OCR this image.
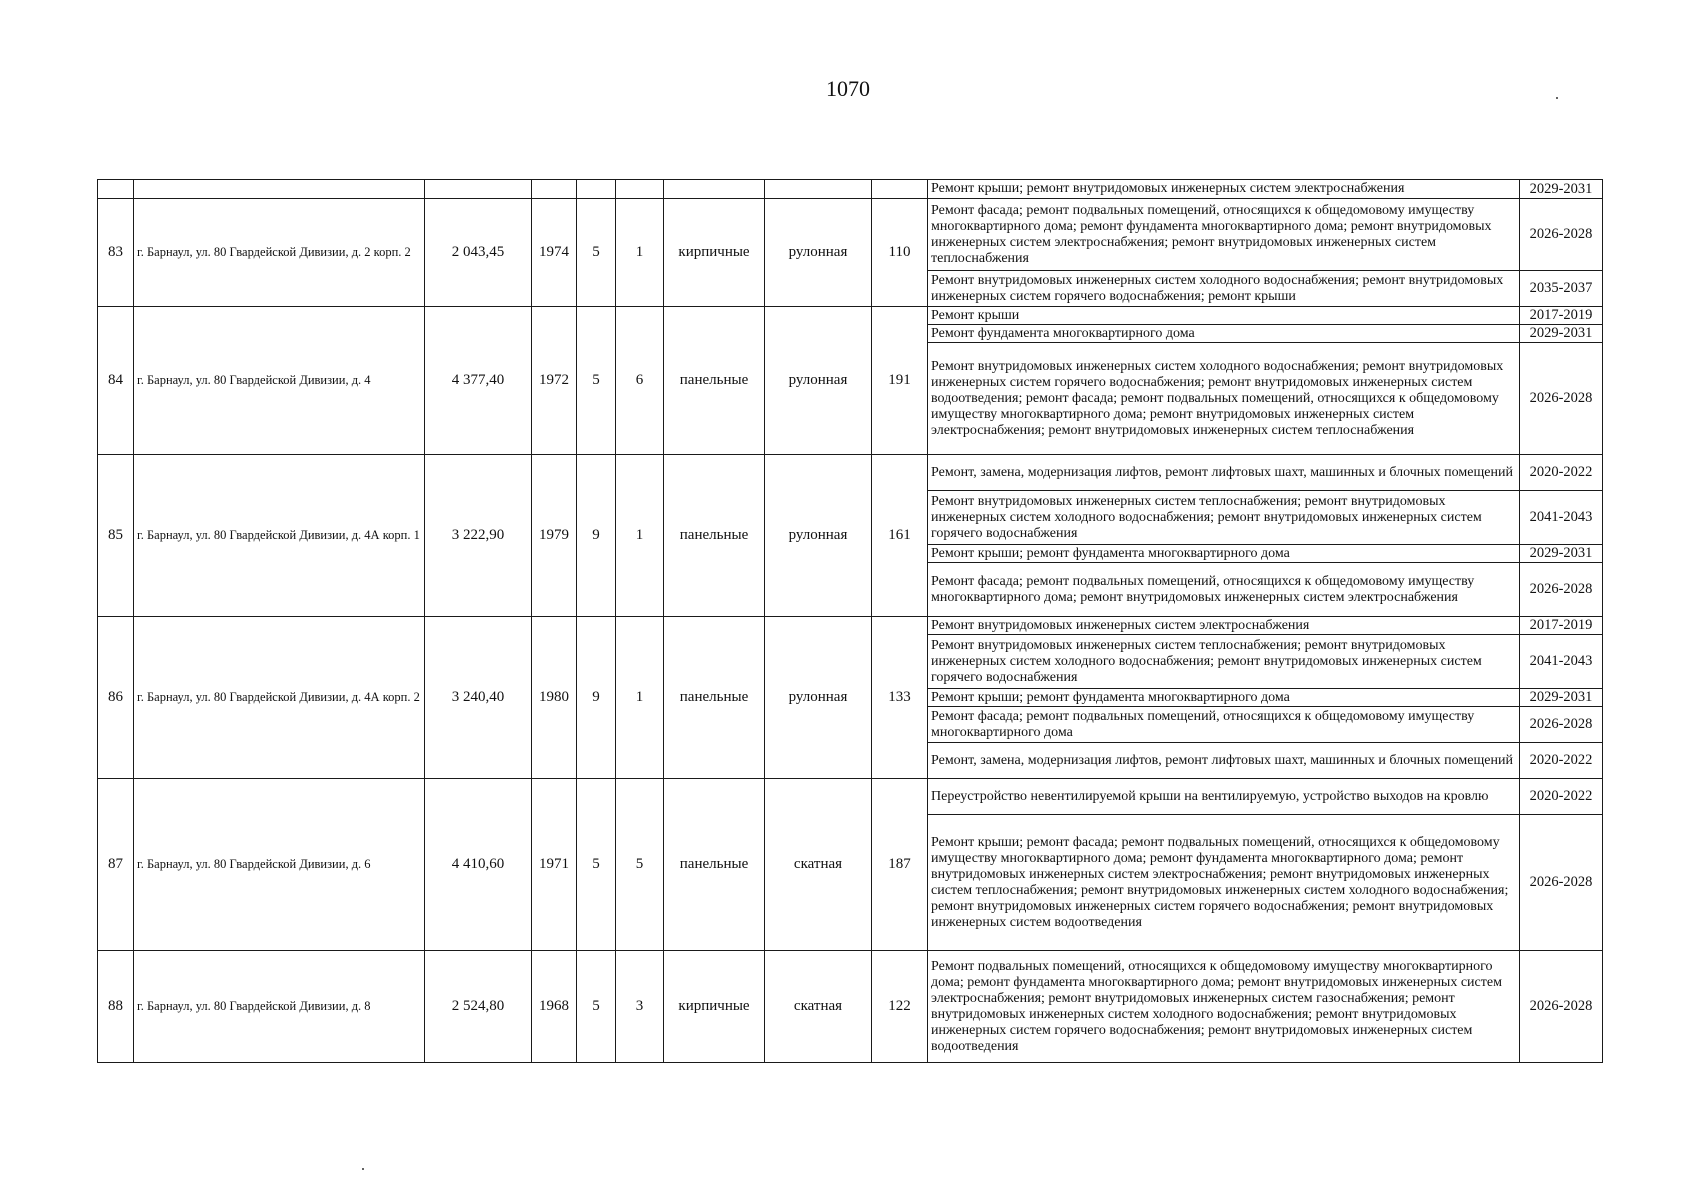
1070
									Ремонт крыши; ремонт внутридомовых инженерных систем электроснабжения	2029-2031
83	г. Барнаул, ул. 80 Гвардейской Дивизии, д. 2 корп. 2	2 043,45	1974	5	1	кирпичные	рулонная	110	Ремонт фасада; ремонт подвальных помещений, относящихся к общедомовому имуществу многоквартирного дома; ремонт фундамента многоквартирного дома; ремонт внутридомовых инженерных систем электроснабжения; ремонт внутридомовых инженерных систем теплоснабжения	2026-2028
									Ремонт внутридомовых инженерных систем холодного водоснабжения; ремонт внутридомовых инженерных систем горячего водоснабжения; ремонт крыши	2035-2037
84	г. Барнаул, ул. 80 Гвардейской Дивизии, д. 4	4 377,40	1972	5	6	панельные	рулонная	191	Ремонт крыши	2017-2019
									Ремонт фундамента многоквартирного дома	2029-2031
									Ремонт внутридомовых инженерных систем холодного водоснабжения; ремонт внутридомовых инженерных систем горячего водоснабжения; ремонт внутридомовых инженерных систем водоотведения; ремонт фасада; ремонт подвальных помещений, относящихся к общедомовому имуществу многоквартирного дома; ремонт внутридомовых инженерных систем электроснабжения; ремонт внутридомовых инженерных систем теплоснабжения	2026-2028
85	г. Барнаул, ул. 80 Гвардейской Дивизии, д. 4А корп. 1	3 222,90	1979	9	1	панельные	рулонная	161	Ремонт, замена, модернизация лифтов, ремонт лифтовых шахт, машинных и блочных помещений	2020-2022
									Ремонт внутридомовых инженерных систем теплоснабжения; ремонт внутридомовых инженерных систем холодного водоснабжения; ремонт внутридомовых инженерных систем горячего водоснабжения	2041-2043
									Ремонт крыши; ремонт фундамента многоквартирного дома	2029-2031
									Ремонт фасада; ремонт подвальных помещений, относящихся к общедомовому имуществу многоквартирного дома; ремонт внутридомовых инженерных систем электроснабжения	2026-2028
86	г. Барнаул, ул. 80 Гвардейской Дивизии, д. 4А корп. 2	3 240,40	1980	9	1	панельные	рулонная	133	Ремонт внутридомовых инженерных систем электроснабжения	2017-2019
									Ремонт внутридомовых инженерных систем теплоснабжения; ремонт внутридомовых инженерных систем холодного водоснабжения; ремонт внутридомовых инженерных систем горячего водоснабжения	2041-2043
									Ремонт крыши; ремонт фундамента многоквартирного дома	2029-2031
									Ремонт фасада; ремонт подвальных помещений, относящихся к общедомовому имуществу многоквартирного дома	2026-2028
									Ремонт, замена, модернизация лифтов, ремонт лифтовых шахт, машинных и блочных помещений	2020-2022
87	г. Барнаул, ул. 80 Гвардейской Дивизии, д. 6	4 410,60	1971	5	5	панельные	скатная	187	Переустройство невентилируемой крыши на вентилируемую, устройство выходов на кровлю	2020-2022
									Ремонт крыши; ремонт фасада; ремонт подвальных помещений, относящихся к общедомовому имуществу многоквартирного дома; ремонт фундамента многоквартирного дома; ремонт внутридомовых инженерных систем электроснабжения; ремонт внутридомовых инженерных систем теплоснабжения; ремонт внутридомовых инженерных систем холодного водоснабжения; ремонт внутридомовых инженерных систем горячего водоснабжения; ремонт внутридомовых инженерных систем водоотведения	2026-2028
88	г. Барнаул, ул. 80 Гвардейской Дивизии, д. 8	2 524,80	1968	5	3	кирпичные	скатная	122	Ремонт подвальных помещений, относящихся к общедомовому имуществу многоквартирного дома; ремонт фундамента многоквартирного дома; ремонт внутридомовых инженерных систем электроснабжения; ремонт внутридомовых инженерных систем газоснабжения; ремонт внутридомовых инженерных систем холодного водоснабжения; ремонт внутридомовых инженерных систем горячего водоснабжения; ремонт внутридомовых инженерных систем водоотведения	2026-2028
